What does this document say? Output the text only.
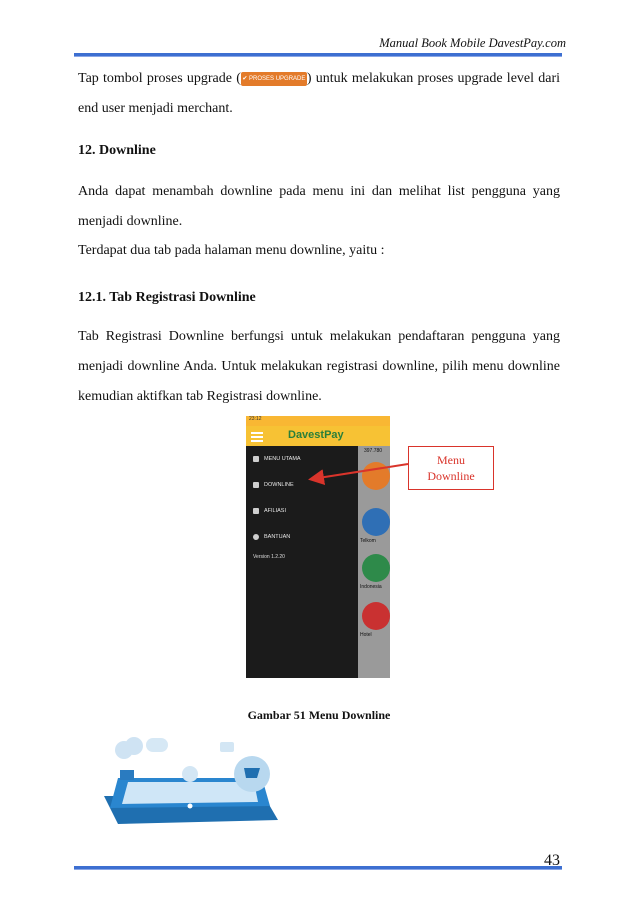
Manual Book Mobile DavestPay.com
Tap tombol proses upgrade (✔ PROSES UPGRADE) untuk melakukan proses upgrade level dari end user menjadi merchant.
12. Downline
Anda dapat menambah downline pada menu ini dan melihat list pengguna yang menjadi downline.
Terdapat dua tab pada halaman menu downline, yaitu :
12.1. Tab Registrasi Downline
Tab Registrasi Downline berfungsi untuk melakukan pendaftaran pengguna yang menjadi downline Anda. Untuk melakukan registrasi downline, pilih menu downline kemudian aktifkan tab Registrasi downline.
23:12
DavestPay
MENU UTAMA
DOWNLINE
AFILIASI
BANTUAN
Version 1.2.20
397.780
Telkom
Indonesia
Hotel
Menu
Downline
Gambar 51 Menu Downline
43
